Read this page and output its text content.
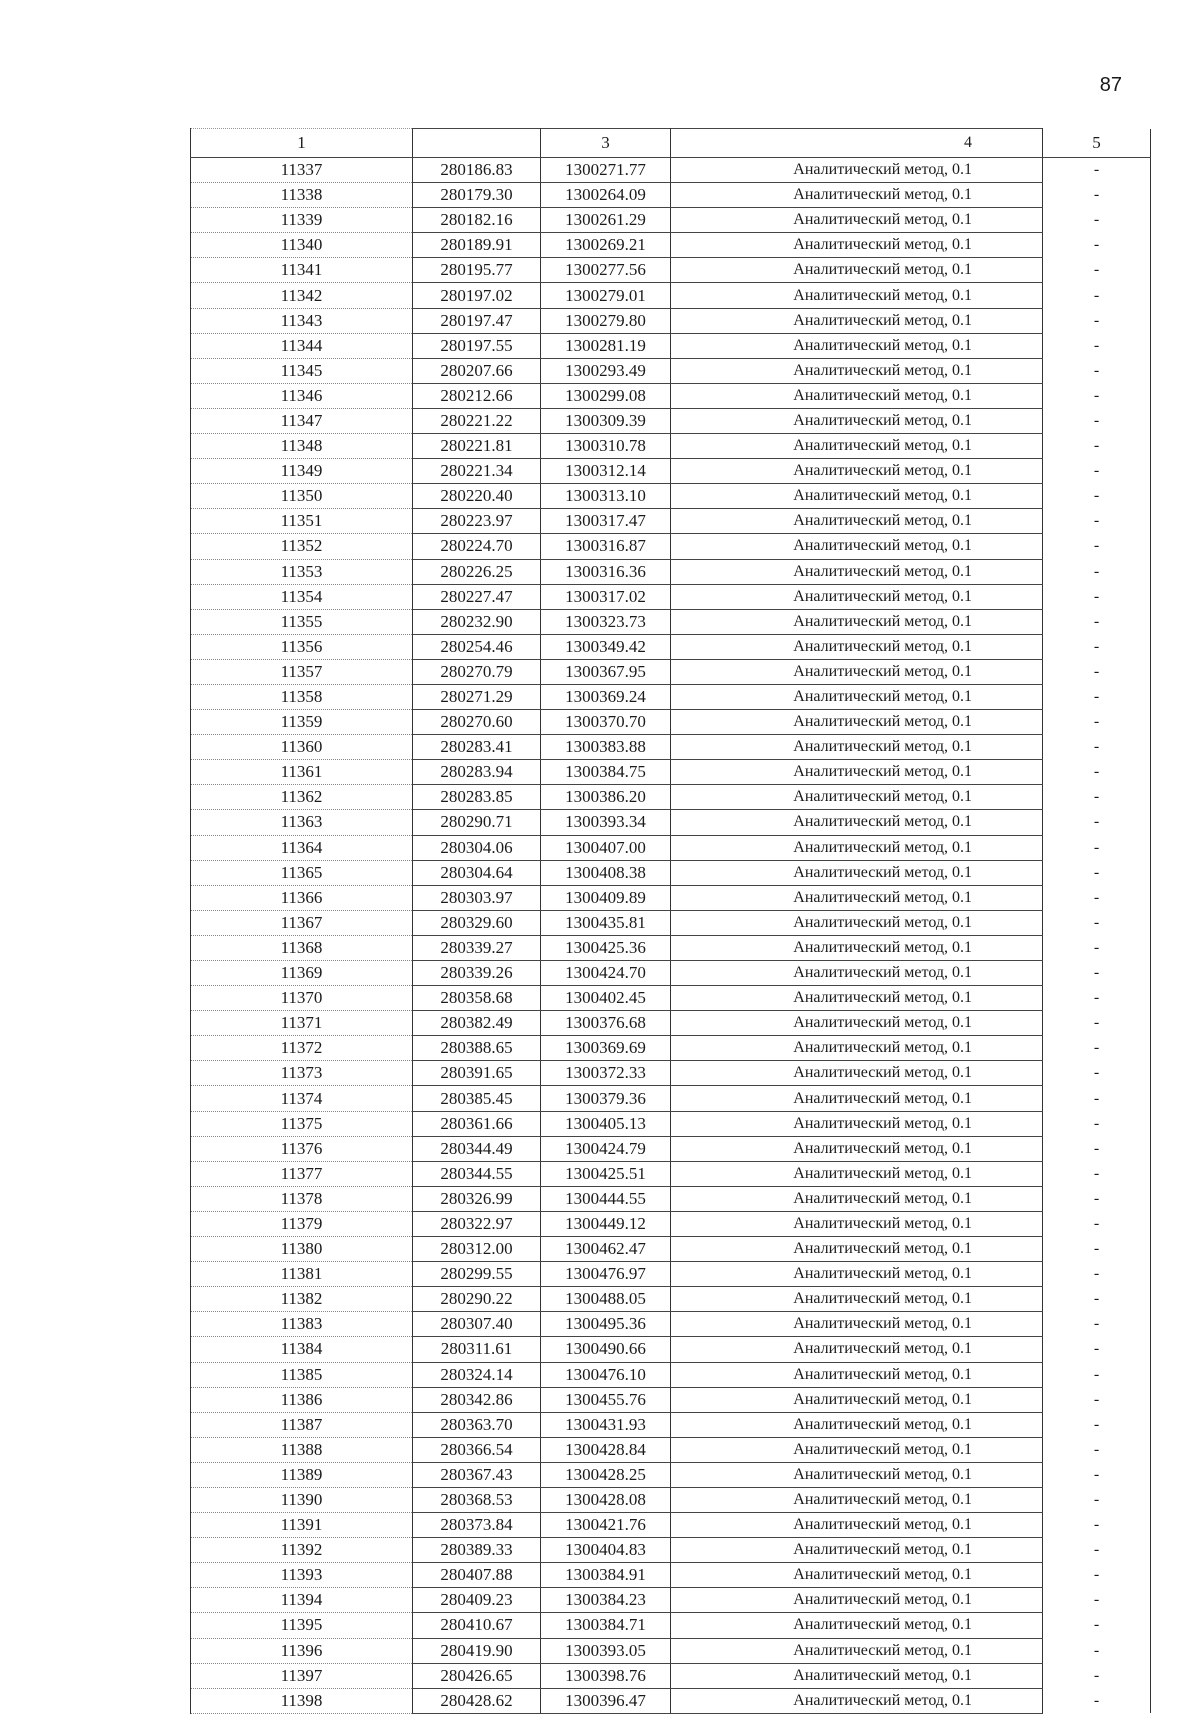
87
1		3	4	5
11337	280186.83	1300271.77	Аналитический метод, 0.1	-
11338	280179.30	1300264.09	Аналитический метод, 0.1	-
11339	280182.16	1300261.29	Аналитический метод, 0.1	-
11340	280189.91	1300269.21	Аналитический метод, 0.1	-
11341	280195.77	1300277.56	Аналитический метод, 0.1	-
11342	280197.02	1300279.01	Аналитический метод, 0.1	-
11343	280197.47	1300279.80	Аналитический метод, 0.1	-
11344	280197.55	1300281.19	Аналитический метод, 0.1	-
11345	280207.66	1300293.49	Аналитический метод, 0.1	-
11346	280212.66	1300299.08	Аналитический метод, 0.1	-
11347	280221.22	1300309.39	Аналитический метод, 0.1	-
11348	280221.81	1300310.78	Аналитический метод, 0.1	-
11349	280221.34	1300312.14	Аналитический метод, 0.1	-
11350	280220.40	1300313.10	Аналитический метод, 0.1	-
11351	280223.97	1300317.47	Аналитический метод, 0.1	-
11352	280224.70	1300316.87	Аналитический метод, 0.1	-
11353	280226.25	1300316.36	Аналитический метод, 0.1	-
11354	280227.47	1300317.02	Аналитический метод, 0.1	-
11355	280232.90	1300323.73	Аналитический метод, 0.1	-
11356	280254.46	1300349.42	Аналитический метод, 0.1	-
11357	280270.79	1300367.95	Аналитический метод, 0.1	-
11358	280271.29	1300369.24	Аналитический метод, 0.1	-
11359	280270.60	1300370.70	Аналитический метод, 0.1	-
11360	280283.41	1300383.88	Аналитический метод, 0.1	-
11361	280283.94	1300384.75	Аналитический метод, 0.1	-
11362	280283.85	1300386.20	Аналитический метод, 0.1	-
11363	280290.71	1300393.34	Аналитический метод, 0.1	-
11364	280304.06	1300407.00	Аналитический метод, 0.1	-
11365	280304.64	1300408.38	Аналитический метод, 0.1	-
11366	280303.97	1300409.89	Аналитический метод, 0.1	-
11367	280329.60	1300435.81	Аналитический метод, 0.1	-
11368	280339.27	1300425.36	Аналитический метод, 0.1	-
11369	280339.26	1300424.70	Аналитический метод, 0.1	-
11370	280358.68	1300402.45	Аналитический метод, 0.1	-
11371	280382.49	1300376.68	Аналитический метод, 0.1	-
11372	280388.65	1300369.69	Аналитический метод, 0.1	-
11373	280391.65	1300372.33	Аналитический метод, 0.1	-
11374	280385.45	1300379.36	Аналитический метод, 0.1	-
11375	280361.66	1300405.13	Аналитический метод, 0.1	-
11376	280344.49	1300424.79	Аналитический метод, 0.1	-
11377	280344.55	1300425.51	Аналитический метод, 0.1	-
11378	280326.99	1300444.55	Аналитический метод, 0.1	-
11379	280322.97	1300449.12	Аналитический метод, 0.1	-
11380	280312.00	1300462.47	Аналитический метод, 0.1	-
11381	280299.55	1300476.97	Аналитический метод, 0.1	-
11382	280290.22	1300488.05	Аналитический метод, 0.1	-
11383	280307.40	1300495.36	Аналитический метод, 0.1	-
11384	280311.61	1300490.66	Аналитический метод, 0.1	-
11385	280324.14	1300476.10	Аналитический метод, 0.1	-
11386	280342.86	1300455.76	Аналитический метод, 0.1	-
11387	280363.70	1300431.93	Аналитический метод, 0.1	-
11388	280366.54	1300428.84	Аналитический метод, 0.1	-
11389	280367.43	1300428.25	Аналитический метод, 0.1	-
11390	280368.53	1300428.08	Аналитический метод, 0.1	-
11391	280373.84	1300421.76	Аналитический метод, 0.1	-
11392	280389.33	1300404.83	Аналитический метод, 0.1	-
11393	280407.88	1300384.91	Аналитический метод, 0.1	-
11394	280409.23	1300384.23	Аналитический метод, 0.1	-
11395	280410.67	1300384.71	Аналитический метод, 0.1	-
11396	280419.90	1300393.05	Аналитический метод, 0.1	-
11397	280426.65	1300398.76	Аналитический метод, 0.1	-
11398	280428.62	1300396.47	Аналитический метод, 0.1	-
